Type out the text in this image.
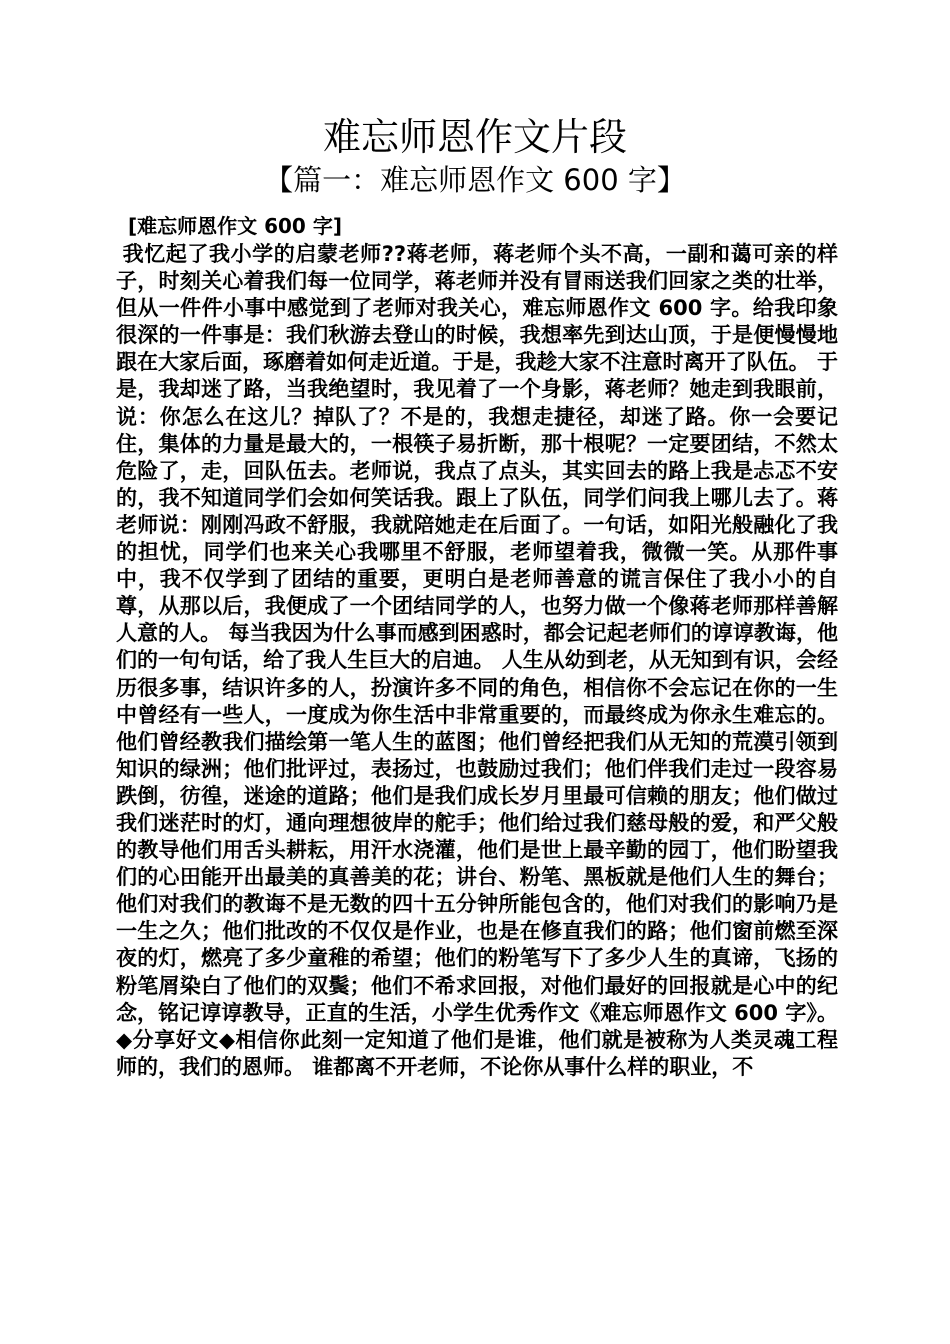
难忘师恩作文片段
【篇一：难忘师恩作文 600 字】

[难忘师恩作文 600 字]

我忆起了我小学的启蒙老师??蒋老师，蒋老师个头不高，一副和蔼可亲的样子，时刻关心着我们每一位同学，蒋老师并没有冒雨送我们回家之类的壮举，但从一件件小事中感觉到了老师对我关心，难忘师恩作文 600 字。给我印象很深的一件事是：我们秋游去登山的时候，我想率先到达山顶，于是便慢慢地跟在大家后面，琢磨着如何走近道。于是，我趁大家不注意时离开了队伍。 于是，我却迷了路，当我绝望时，我见着了一个身影，蒋老师？她走到我眼前，说：你怎么在这儿？掉队了？不是的，我想走捷径，却迷了路。你一会要记住，集体的力量是最大的，一根筷子易折断，那十根呢？一定要团结，不然太危险了，走，回队伍去。老师说，我点了点头，其实回去的路上我是忐忑不安的，我不知道同学们会如何笑话我。跟上了队伍，同学们问我上哪儿去了。蒋老师说：刚刚冯政不舒服，我就陪她走在后面了。一句话，如阳光般融化了我的担忧，同学们也来关心我哪里不舒服，老师望着我，微微一笑。从那件事中，我不仅学到了团结的重要，更明白是老师善意的谎言保住了我小小的自尊，从那以后，我便成了一个团结同学的人，也努力做一个像蒋老师那样善解人意的人。 每当我因为什么事而感到困惑时，都会记起老师们的谆谆教诲，他们的一句句话，给了我人生巨大的启迪。 人生从幼到老，从无知到有识，会经历很多事，结识许多的人，扮演许多不同的角色，相信你不会忘记在你的一生中曾经有一些人，一度成为你生活中非常重要的，而最终成为你永生难忘的。他们曾经教我们描绘第一笔人生的蓝图；他们曾经把我们从无知的荒漠引领到知识的绿洲；他们批评过，表扬过，也鼓励过我们；他们伴我们走过一段容易跌倒，彷徨，迷途的道路；他们是我们成长岁月里最可信赖的朋友；他们做过我们迷茫时的灯，通向理想彼岸的舵手；他们给过我们慈母般的爱，和严父般的教导他们用舌头耕耘，用汗水浇灌，他们是世上最辛勤的园丁，他们盼望我们的心田能开出最美的真善美的花；讲台、粉笔、黑板就是他们人生的舞台；他们对我们的教诲不是无数的四十五分钟所能包含的，他们对我们的影响乃是一生之久；他们批改的不仅仅是作业，也是在修直我们的路；他们窗前燃至深夜的灯，燃亮了多少童稚的希望；他们的粉笔写下了多少人生的真谛，飞扬的粉笔屑染白了他们的双鬓；他们不希求回报，对他们最好的回报就是心中的纪念，铭记谆谆教导，正直的生活，小学生优秀作文《难忘师恩作文 600 字》。 ◆分享好文◆相信你此刻一定知道了他们是谁，他们就是被称为人类灵魂工程师的，我们的恩师。 谁都离不开老师，不论你从事什么样的职业，不
